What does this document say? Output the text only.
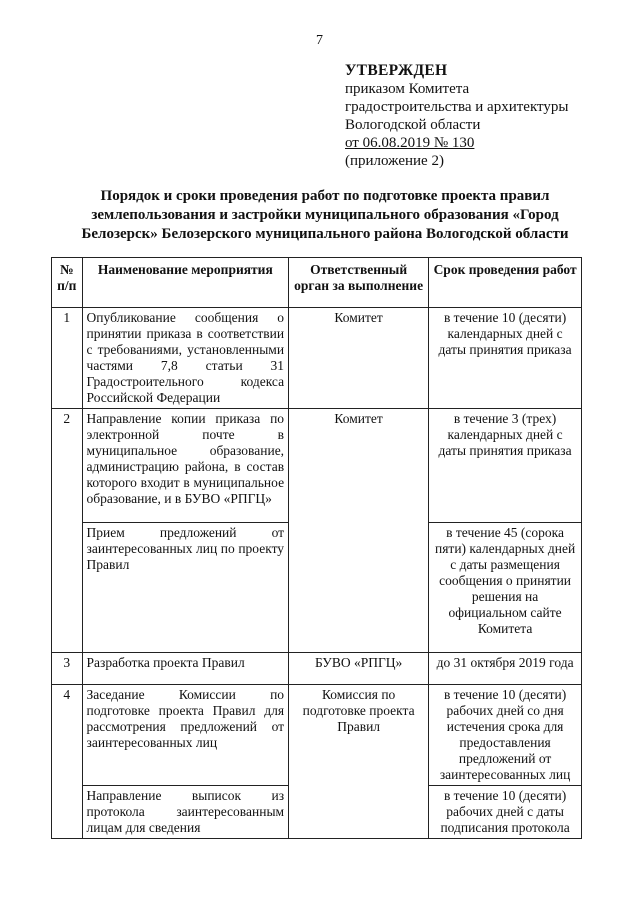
7
УТВЕРЖДЕН
приказом Комитета
градостроительства и архитектуры
Вологодской области
от 06.08.2019 № 130
(приложение 2)
Порядок и сроки проведения работ по подготовке проекта правил землепользования и застройки муниципального образования «Город Белозерск» Белозерского муниципального района Вологодской области
№ п/п	Наименование мероприятия	Ответственный орган за выполнение	Срок проведения работ
1	Опубликование сообщения о принятии приказа в соответствии с требованиями, установленными частями 7,8 статьи 31 Градостроительного кодекса Российской Федерации	Комитет	в течение 10 (десяти) календарных дней с даты принятия приказа
2	Направление копии приказа по электронной почте в муниципальное образование, администрацию района, в состав которого входит в муниципальное образование, и в БУВО «РПГЦ»	Комитет	в течение 3 (трех) календарных дней с даты принятия приказа
	Прием предложений от заинтересованных лиц по проекту Правил		в течение 45 (сорока пяти) календарных дней с даты размещения сообщения о принятии решения на официальном сайте Комитета
3	Разработка проекта Правил	БУВО «РПГЦ»	до 31 октября 2019 года
4	Заседание Комиссии по подготовке проекта Правил для рассмотрения предложений от заинтересованных лиц	Комиссия по подготовке проекта Правил	в течение 10 (десяти) рабочих дней со дня истечения срока для предоставления предложений от заинтересованных лиц
	Направление выписок из протокола заинтересованным лицам для сведения		в течение 10 (десяти) рабочих дней с даты подписания протокола
